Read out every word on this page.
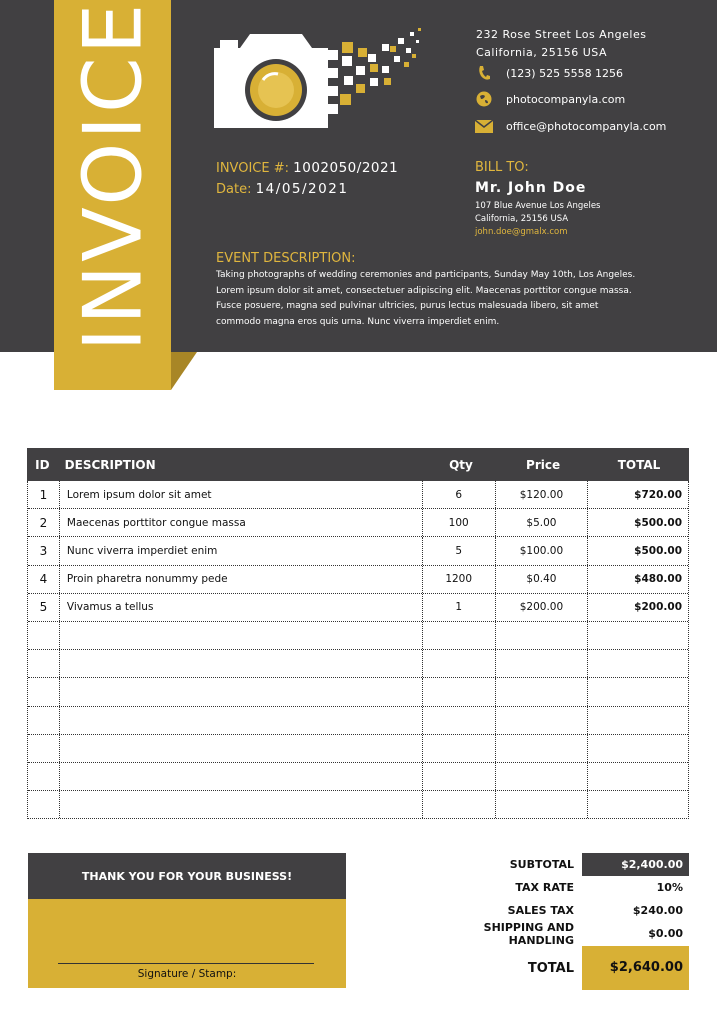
INVOICE	232 Rose Street Los Angeles
California, 25156 USA
(123) 525 5558 1256
photocompanyla.com
office@photocompanyla.com
INVOICE #: 1002050/2021
Date: 14/05/2021
BILL TO:
Mr. John Doe
107 Blue Avenue Los Angeles
California, 25156 USA
john.doe@gmalx.com
EVENT DESCRIPTION:
Taking photographs of wedding ceremonies and participants, Sunday May 10th, Los Angeles.
Lorem ipsum dolor sit amet, consectetuer adipiscing elit. Maecenas porttitor congue massa.
Fusce posuere, magna sed pulvinar ultricies, purus lectus malesuada libero, sit amet
commodo magna eros quis urna. Nunc viverra imperdiet enim.
ID	DESCRIPTION	Qty	Price	TOTAL
1	Lorem ipsum dolor sit amet	6	$120.00	$720.00
2	Maecenas porttitor congue massa	100	$5.00	$500.00
3	Nunc viverra imperdiet enim	5	$100.00	$500.00
4	Proin pharetra nonummy pede	1200	$0.40	$480.00
5	Vivamus a tellus	1	$200.00	$200.00
THANK YOU FOR YOUR BUSINESS!
Signature / Stamp:
SUBTOTAL	$2,400.00
TAX RATE	10%
SALES TAX	$240.00
SHIPPING AND HANDLING	$0.00
TOTAL	$2,640.00
